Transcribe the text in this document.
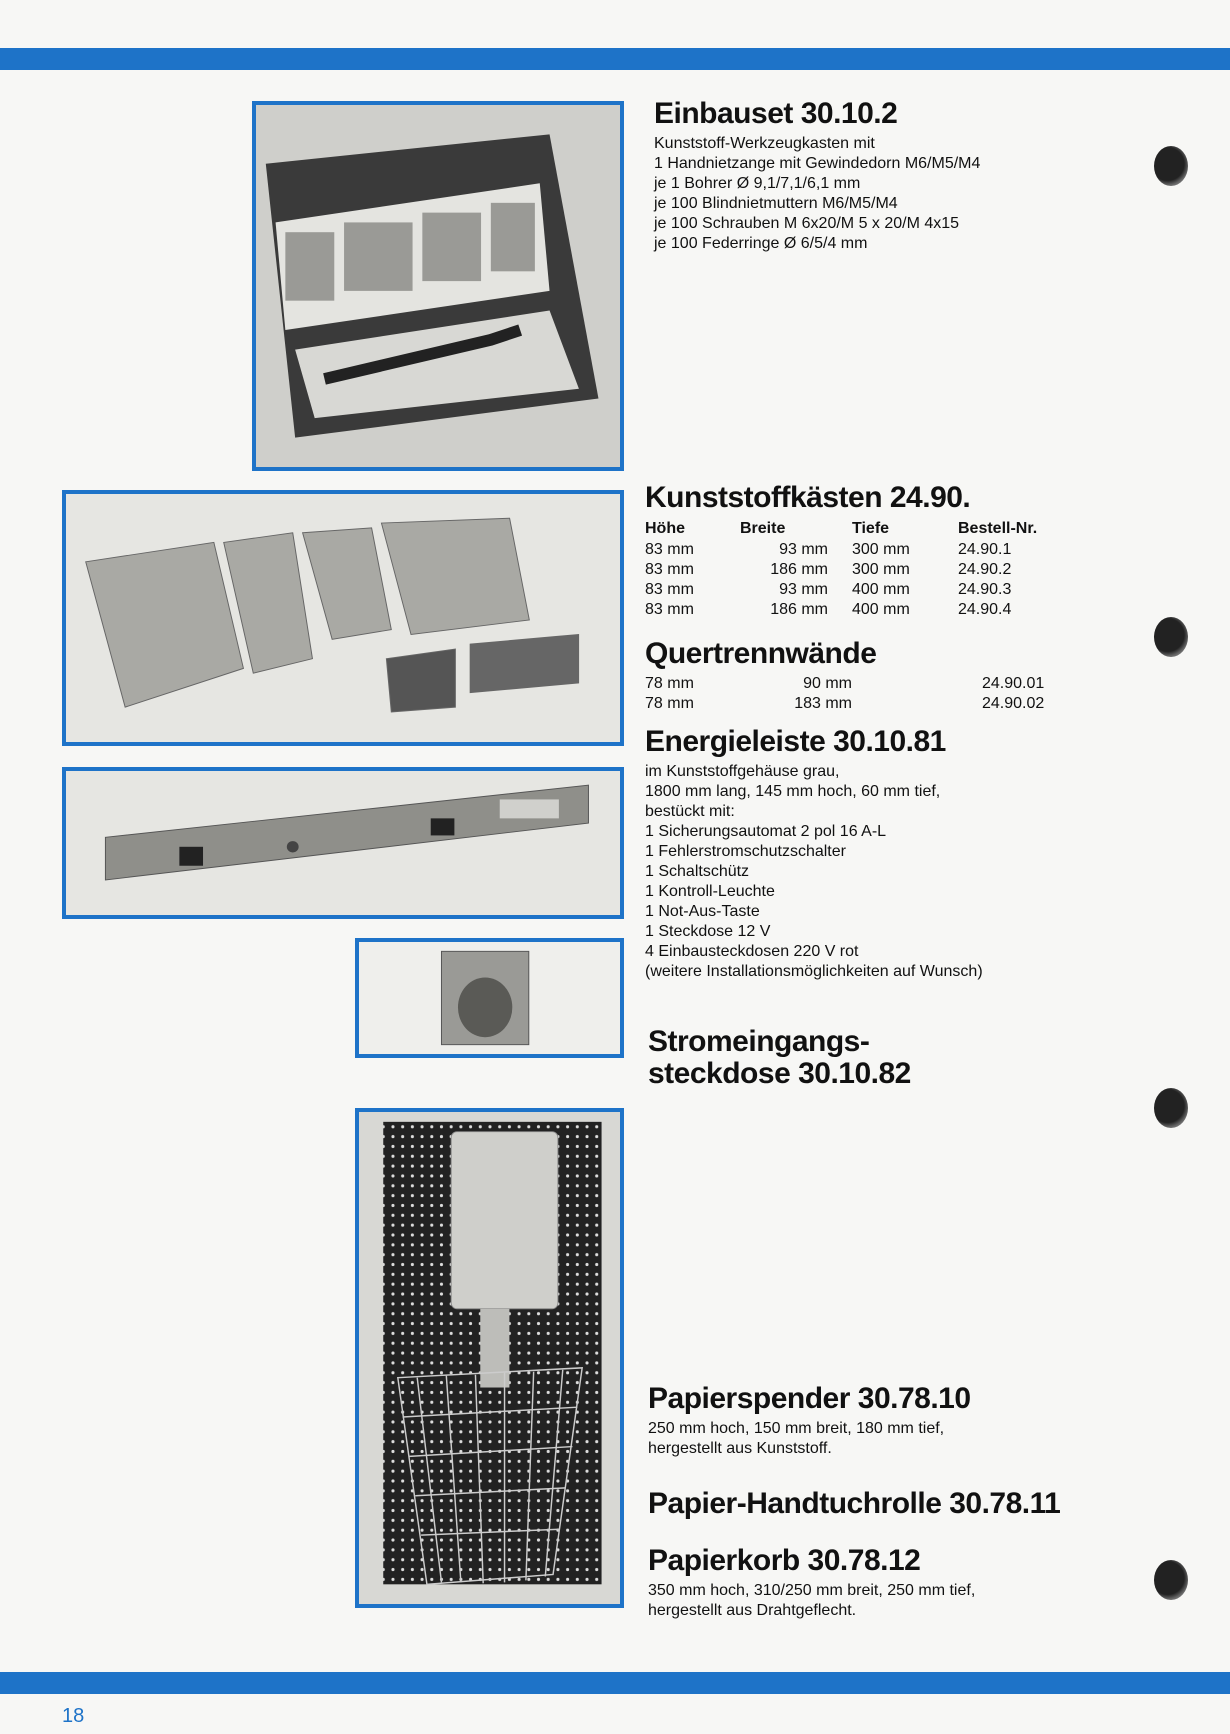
Einbauset 30.10.2
Kunststoff-Werkzeugkasten mit
1 Handnietzange mit Gewindedorn M6/M5/M4
je 1 Bohrer Ø 9,1/7,1/6,1 mm
je 100 Blindnietmuttern M6/M5/M4
je 100 Schrauben M 6x20/M 5 x 20/M 4x15
je 100 Federringe Ø 6/5/4 mm
Kunststoffkästen 24.90.
Höhe	Breite	Tiefe	Bestell-Nr.
83 mm	93 mm	300 mm	24.90.1
83 mm	186 mm	300 mm	24.90.2
83 mm	93 mm	400 mm	24.90.3
83 mm	186 mm	400 mm	24.90.4
Quertrennwände
78 mm	90 mm		24.90.01
78 mm	183 mm		24.90.02
Energieleiste 30.10.81
im Kunststoffgehäuse grau,
1800 mm lang, 145 mm hoch, 60 mm tief,
bestückt mit:
1 Sicherungsautomat 2 pol 16 A-L
1 Fehlerstromschutzschalter
1 Schaltschütz
1 Kontroll-Leuchte
1 Not-Aus-Taste
1 Steckdose 12 V
4 Einbausteckdosen 220 V rot
(weitere Installationsmöglichkeiten auf Wunsch)
Stromeingangs-
steckdose 30.10.82
Papierspender 30.78.10
250 mm hoch, 150 mm breit, 180 mm tief,
hergestellt aus Kunststoff.
Papier-Handtuchrolle 30.78.11
Papierkorb 30.78.12
350 mm hoch, 310/250 mm breit, 250 mm tief,
hergestellt aus Drahtgeflecht.
18
